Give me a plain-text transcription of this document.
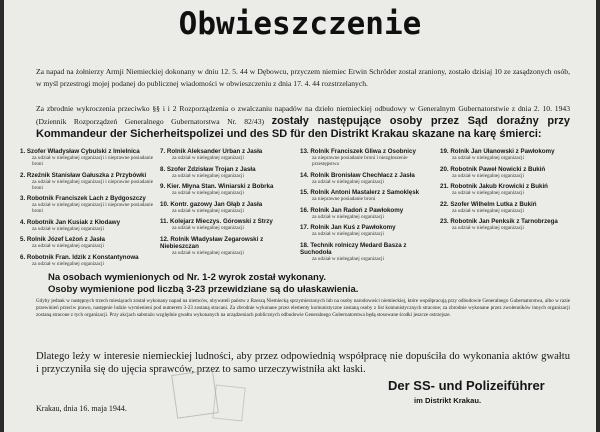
Obwieszczenie
Za napad na żołnierzy Armji Niemieckiej dokonany w dniu 12. 5. 44 w Dębowcu, przyczem niemiec Erwin Schröder został zraniony, zostało dzisiaj 10 ze zasądzonych osób, w myśl przestrogi mojej podanej do publicznej wiadomości w obwieszczeniu z dnia 17. 4. 44 rozstrzelanych.
Za zbrodnie wykroczenia przeciwko §§ i i 2 Rozporządzenia o zwalczaniu napadów na dzieło niemieckiej odbudowy w Generalnym Gubernatorstwie z dnia 2. 10. 1943 (Dziennik Rozporządzeń Generalnego Gubernatorstwa Nr. 82/43) zostały następujące osoby przez Sąd doraźny przy Kommandeur der Sicherheitspolizei und des SD für den Distrikt Krakau skazane na karę śmierci:
1. Szofer Władysław Cybulski z Imielnica
za udział w nielegalnej organizacji i nieprawne posiadanie broni
2. Rzeźnik Stanisław Gałuszka z Przybówki
za udział w nielegalnej organizacji i nieprawne posiadanie broni
3. Robotnik Franciszek Lach z Bydgoszczy
za udział w nielegalnej organizacji i nieprawne posiadanie broni
4. Robotnik Jan Kusiak z Kłodawy
za udział w nielegalnej organizacji
5. Rolnik Józef Leżoń z Jasła
za udział w nielegalnej organizacji
6. Robotnik Fran. Idzik z Konstantynowa
za udział w nielegalnej organizacji
7. Rolnik Aleksander Urban z Jasła
za udział w nielegalnej organizacji
8. Szofer Zdzisław Trojan z Jasła
za udział w nielegalnej organizacji
9. Kier. Młyna Stan. Winiarski z Bobrka
za udział w nielegalnej organizacji
10. Kontr. gazowy Jan Głąb z Jasła
za udział w nielegalnej organizacji
11. Kolejarz Mieczys. Górowski z Strzy
za udział w nielegalnej organizacji
12. Rolnik Władysław Zegarowski z Niebieszczan
za udział w nielegalnej organizacji
13. Rolnik Franciszek Gliwa z Osobnicy
za nieprawne posiadanie broni i niezgłoszenie przestępstwa
14. Rolnik Bronisław Chechłacz z Jasła
za udział w nielegalnej organizacji
15. Rolnik Antoni Mastalerz z Samoklęsk
za nieprawne posiadanie broni
16. Rolnik Jan Radoń z Pawłokomy
za udział w nielegalnej organizacji
17. Rolnik Jan Kuś z Pawłokomy
za udział w nielegalnej organizacji
18. Technik rolniczy Medard Basza z Suchodoła
za udział w nielegalnej organizacji
19. Rolnik Jan Ułanowski z Pawłokomy
za udział w nielegalnej organizacji
20. Robotnik Paweł Nowicki z Bukiń
za udział w nielegalnej organizacji
21. Robotnik Jakub Krowicki z Bukiń
za udział w nielegalnej organizacji
22. Szofer Wilhelm Lutka z Bukiń
za udział w nielegalnej organizacji
23. Robotnik Jan Penksik z Tarnobrzega
za udział w nielegalnej organizacji
Na osobach wymienionych od Nr. 1-2 wyrok został wykonany.
Osoby wymienione pod liczbą 3-23 przewidziane są do ułaskawienia.
Gdyby jednak w następnych trzech miesiącach został wykonany napad na niemców, obywateli państw z Rzeszą Niemiecką sprzymierzonych lub na osoby narodowości niemieckiej, które współpracują przy odbudowie Generalnego Gubernatorstwa, albo w razie przewinień przeciw prawu, następnie ludzie wymienieni pod numerem 3-23 zostaną stracani. Za zbrodnie wykonane przez elementy komunistyczne zostaną osoby z list komunistycznych stracone; za zbrodnie wykonane przez zwolenników innych organizacji zostaną stracone z tych organizacji. Przy akcjach sabotażu względnie gwałtu wykonanych na urządzeniach publicznych odbudowie Generalnego Gubernatorstwa będą stosowane środki jeszcze ostrzejsze.
Dlatego leży w interesie niemieckiej ludności, aby przez odpowiednią współpracę nie dopuściła do wykonania aktów gwałtu i przyczyniła się do ujęcia sprawców, przez to samo urzeczywistniła akt łaski.
Krakau, dnia 16. maja 1944.
Der SS- und Polizeiführer
im Distrikt Krakau.
